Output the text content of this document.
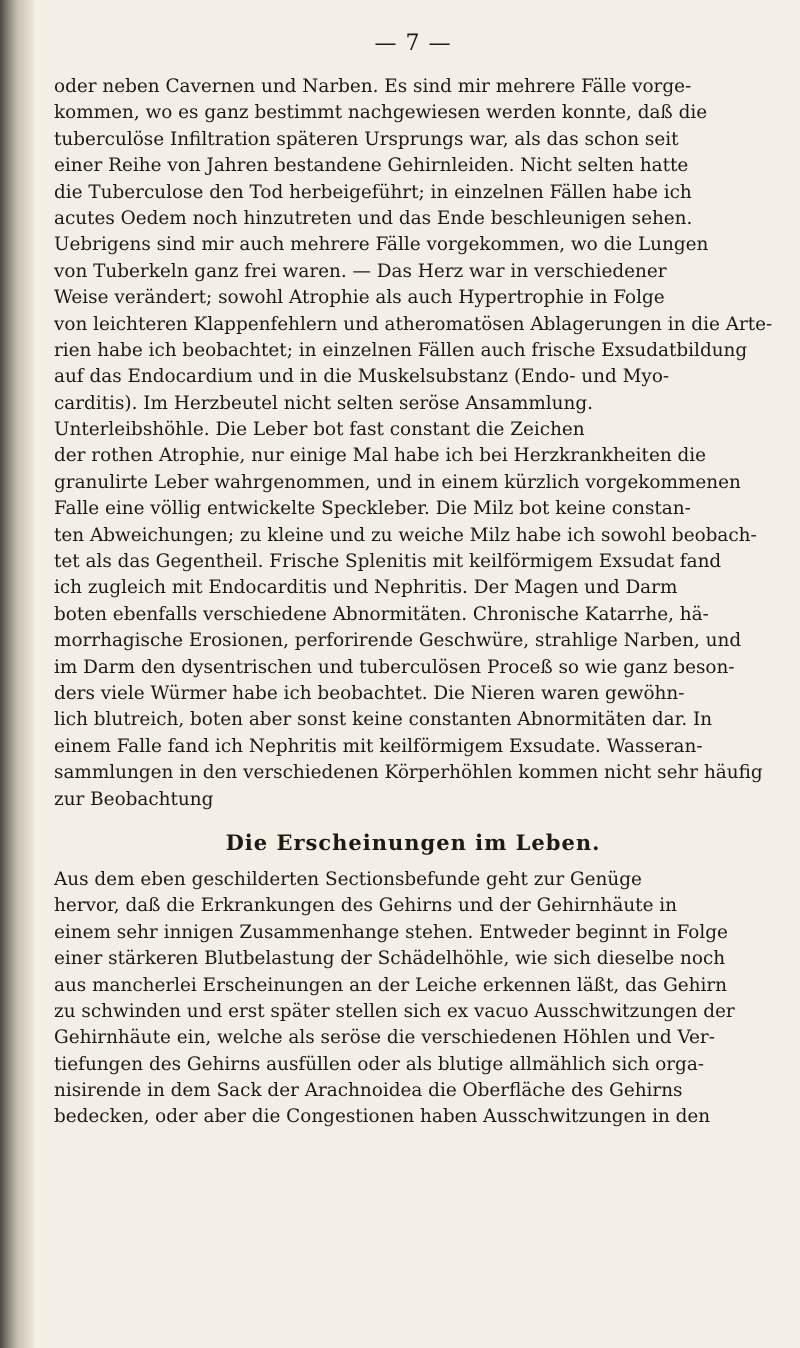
— 7 —
oder neben Cavernen und Narben. Es sind mir mehrere Fälle vorge-
kommen, wo es ganz bestimmt nachgewiesen werden konnte, daß die
tuberculöse Infiltration späteren Ursprungs war, als das schon seit
einer Reihe von Jahren bestandene Gehirnleiden. Nicht selten hatte
die Tuberculose den Tod herbeigeführt; in einzelnen Fällen habe ich
acutes Oedem noch hinzutreten und das Ende beschleunigen sehen.
Uebrigens sind mir auch mehrere Fälle vorgekommen, wo die Lungen
von Tuberkeln ganz frei waren. — Das Herz war in verschiedener
Weise verändert; sowohl Atrophie als auch Hypertrophie in Folge
von leichteren Klappenfehlern und atheromatösen Ablagerungen in die Arte-
rien habe ich beobachtet; in einzelnen Fällen auch frische Exsudatbildung
auf das Endocardium und in die Muskelsubstanz (Endo- und Myo-
carditis). Im Herzbeutel nicht selten seröse Ansammlung.
Unterleibshöhle. Die Leber bot fast constant die Zeichen
der rothen Atrophie, nur einige Mal habe ich bei Herzkrankheiten die
granulirte Leber wahrgenommen, und in einem kürzlich vorgekommenen
Falle eine völlig entwickelte Speckleber. Die Milz bot keine constan-
ten Abweichungen; zu kleine und zu weiche Milz habe ich sowohl beobach-
tet als das Gegentheil. Frische Splenitis mit keilförmigem Exsudat fand
ich zugleich mit Endocarditis und Nephritis. Der Magen und Darm
boten ebenfalls verschiedene Abnormitäten. Chronische Katarrhe, hä-
morrhagische Erosionen, perforirende Geschwüre, strahlige Narben, und
im Darm den dysentrischen und tuberculösen Proceß so wie ganz beson-
ders viele Würmer habe ich beobachtet. Die Nieren waren gewöhn-
lich blutreich, boten aber sonst keine constanten Abnormitäten dar. In
einem Falle fand ich Nephritis mit keilförmigem Exsudate. Wasseran-
sammlungen in den verschiedenen Körperhöhlen kommen nicht sehr häufig
zur Beobachtung
Die Erscheinungen im Leben.
Aus dem eben geschilderten Sectionsbefunde geht zur Genüge
hervor, daß die Erkrankungen des Gehirns und der Gehirnhäute in
einem sehr innigen Zusammenhange stehen. Entweder beginnt in Folge
einer stärkeren Blutbelastung der Schädelhöhle, wie sich dieselbe noch
aus mancherlei Erscheinungen an der Leiche erkennen läßt, das Gehirn
zu schwinden und erst später stellen sich ex vacuo Ausschwitzungen der
Gehirnhäute ein, welche als seröse die verschiedenen Höhlen und Ver-
tiefungen des Gehirns ausfüllen oder als blutige allmählich sich orga-
nisirende in dem Sack der Arachnoidea die Oberfläche des Gehirns
bedecken, oder aber die Congestionen haben Ausschwitzungen in den
